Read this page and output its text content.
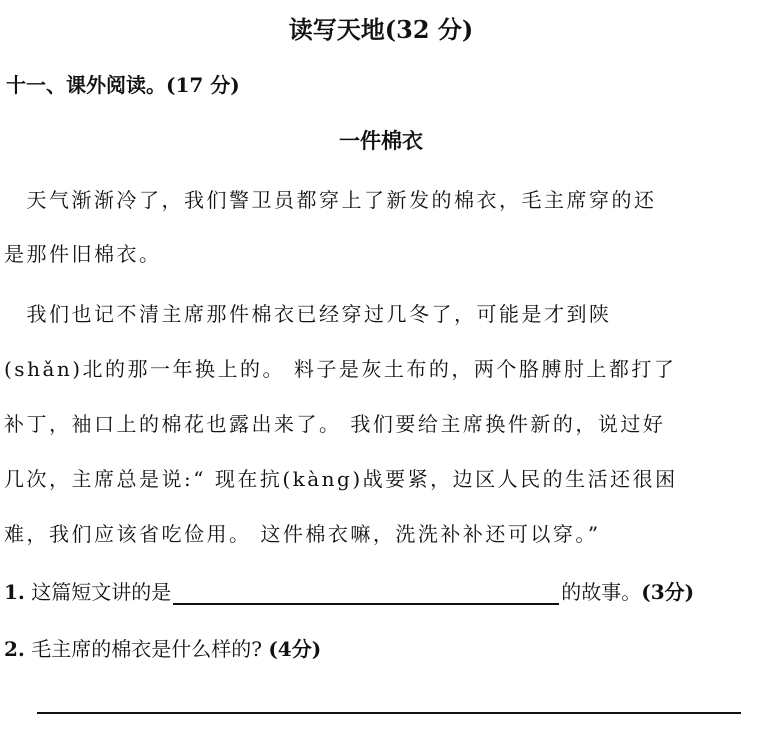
读写天地(32 分)
十一、课外阅读。(17 分)
一件棉衣
　天气渐渐冷了，我们警卫员都穿上了新发的棉衣，毛主席穿的还
是那件旧棉衣。
　我们也记不清主席那件棉衣已经穿过几冬了，可能是才到陕
(shǎn)北的那一年换上的。 料子是灰土布的，两个胳膊肘上都打了
补丁，袖口上的棉花也露出来了。 我们要给主席换件新的，说过好
几次，主席总是说:“ 现在抗(kàng)战要紧，边区人民的生活还很困
难，我们应该省吃俭用。 这件棉衣嘛，洗洗补补还可以穿。”
1. 这篇短文讲的是	的故事。(3分)
2. 毛主席的棉衣是什么样的? (4分)
